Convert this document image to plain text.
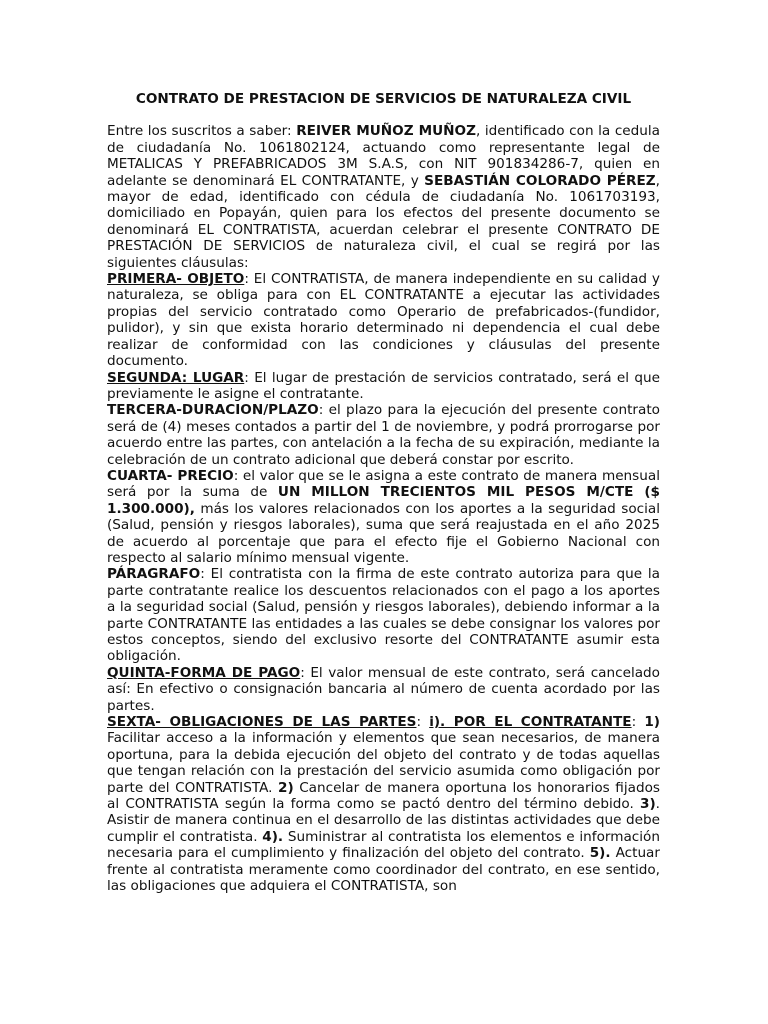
CONTRATO DE PRESTACION DE SERVICIOS DE NATURALEZA CIVIL

Entre los suscritos a saber: REIVER MUÑOZ MUÑOZ, identificado con la cedula de ciudadanía No. 1061802124, actuando como representante legal de METALICAS Y PREFABRICADOS 3M S.A.S, con NIT 901834286-7, quien en adelante se denominará EL CONTRATANTE, y SEBASTIÁN COLORADO PÉREZ, mayor de edad, identificado con cédula de ciudadanía No. 1061703193, domiciliado en Popayán, quien para los efectos del presente documento se denominará EL CONTRATISTA, acuerdan celebrar el presente CONTRATO DE PRESTACIÓN DE SERVICIOS de naturaleza civil, el cual se regirá por las siguientes cláusulas:

PRIMERA- OBJETO: El CONTRATISTA, de manera independiente en su calidad y naturaleza, se obliga para con EL CONTRATANTE a ejecutar las actividades propias del servicio contratado como Operario de prefabricados-(fundidor, pulidor), y sin que exista horario determinado ni dependencia el cual debe realizar de conformidad con las condiciones y cláusulas del presente documento.

SEGUNDA: LUGAR: El lugar de prestación de servicios contratado, será el que previamente le asigne el contratante.

TERCERA-DURACION/PLAZO: el plazo para la ejecución del presente contrato será de (4) meses contados a partir del 1 de noviembre, y podrá prorrogarse por acuerdo entre las partes, con antelación a la fecha de su expiración, mediante la celebración de un contrato adicional que deberá constar por escrito.

CUARTA- PRECIO: el valor que se le asigna a este contrato de manera mensual será por la suma de UN MILLON TRECIENTOS MIL PESOS M/CTE ($ 1.300.000), más los valores relacionados con los aportes a la seguridad social (Salud, pensión y riesgos laborales), suma que será reajustada en el año 2025 de acuerdo al porcentaje que para el efecto fije el Gobierno Nacional con respecto al salario mínimo mensual vigente.

PÁRAGRAFO: El contratista con la firma de este contrato autoriza para que la parte contratante realice los descuentos relacionados con el pago a los aportes a la seguridad social (Salud, pensión y riesgos laborales), debiendo informar a la parte CONTRATANTE las entidades a las cuales se debe consignar los valores por estos conceptos, siendo del exclusivo resorte del CONTRATANTE asumir esta obligación.

QUINTA-FORMA DE PAGO: El valor mensual de este contrato, será cancelado así: En efectivo o consignación bancaria al número de cuenta acordado por las partes.

SEXTA- OBLIGACIONES DE LAS PARTES: i). POR EL CONTRATANTE: 1) Facilitar acceso a la información y elementos que sean necesarios, de manera oportuna, para la debida ejecución del objeto del contrato y de todas aquellas que tengan relación con la prestación del servicio asumida como obligación por parte del CONTRATISTA. 2) Cancelar de manera oportuna los honorarios fijados al CONTRATISTA según la forma como se pactó dentro del término debido. 3). Asistir de manera continua en el desarrollo de las distintas actividades que debe cumplir el contratista. 4). Suministrar al contratista los elementos e información necesaria para el cumplimiento y finalización del objeto del contrato. 5). Actuar frente al contratista meramente como coordinador del contrato, en ese sentido, las obligaciones que adquiera el CONTRATISTA, son
